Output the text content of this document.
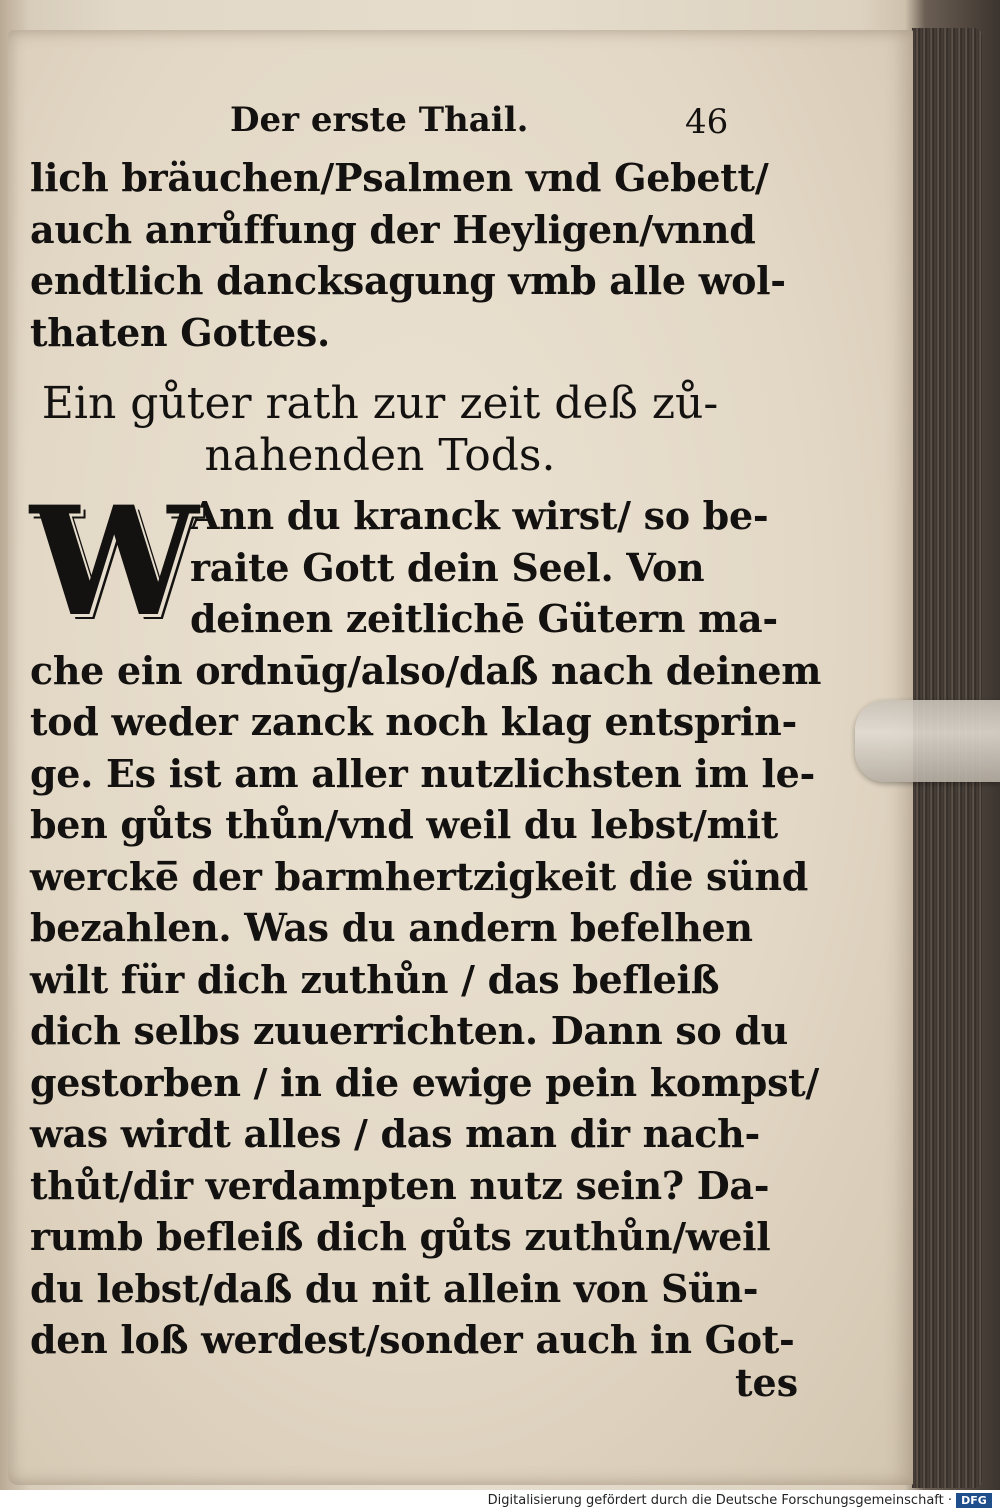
Der erste Thail.	46
lich bräuchen/Psalmen vnd Gebett/
auch anrůffung der Heyligen/vnnd
endtlich dancksagung vmb alle wol-
thaten Gottes.
Ein gůter rath zur zeit deß zů-
nahenden Tods.
W
Ann du kranck wirst/ so be-
raite Gott dein Seel. Von
deinen zeitlichē Gütern ma-
che ein ordnūg/also/daß nach deinem
tod weder zanck noch klag entsprin-
ge. Es ist am aller nutzlichsten im le-
ben gůts thůn/vnd weil du lebst/mit
wercke̅ der barmhertzigkeit die sünd
bezahlen. Was du andern befelhen
wilt für dich zuthůn / das befleiß
dich selbs zuuerrichten. Dann so du
gestorben / in die ewige pein kompst/
was wirdt alles / das man dir nach-
thůt/dir verdampten nutz sein? Da-
rumb befleiß dich gůts zuthůn/weil
du lebst/daß du nit allein von Sün-
den loß werdest/sonder auch in Got-
tes
Digitalisierung gefördert durch die Deutsche Forschungsgemeinschaft · DFG
